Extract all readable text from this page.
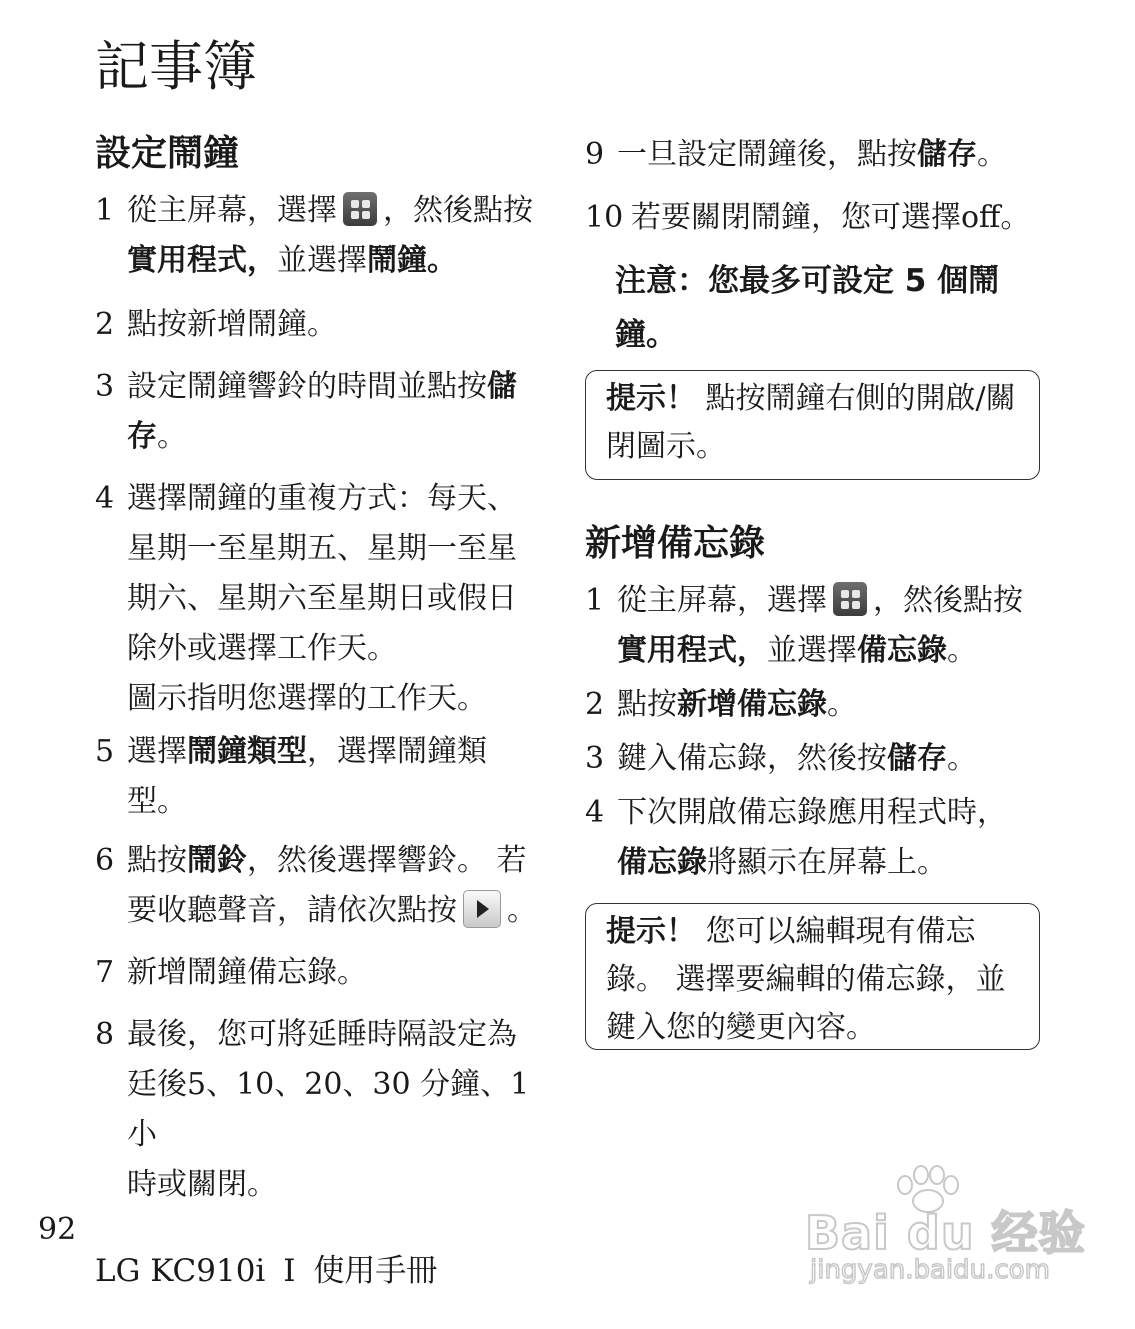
記事簿
設定鬧鐘
1 從主屏幕，選擇 ，然後點按
實用程式，並選擇鬧鐘。
2 點按新增鬧鐘。
3 設定鬧鐘響鈴的時間並點按儲
存。
4 選擇鬧鐘的重複方式：每天、
星期一至星期五、星期一至星
期六、星期六至星期日或假日
除外或選擇工作天。
圖示指明您選擇的工作天。
5 選擇鬧鐘類型，選擇鬧鐘類
型。
6 點按鬧鈴，然後選擇響鈴。 若
要收聽聲音，請依次點按 。
7 新增鬧鐘備忘錄。
8 最後，您可將延睡時隔設定為
廷後5、10、20、30 分鐘、1 小
時或關閉。
9 一旦設定鬧鐘後，點按儲存。
10 若要關閉鬧鐘，您可選擇off。
注意：您最多可設定 5 個鬧
鐘。
提示！ 點按鬧鐘右側的開啟/關
閉圖示。
新增備忘錄
1 從主屏幕，選擇 ，然後點按
實用程式，並選擇備忘錄。
2 點按新增備忘錄。
3 鍵入備忘錄，然後按儲存。
4 下次開啟備忘錄應用程式時，
備忘錄將顯示在屏幕上。
提示！ 您可以編輯現有備忘
錄。 選擇要編輯的備忘錄，並
鍵入您的變更內容。
92
LG KC910i I 使用手冊
Bai du 经验
jingyan.baidu.com
